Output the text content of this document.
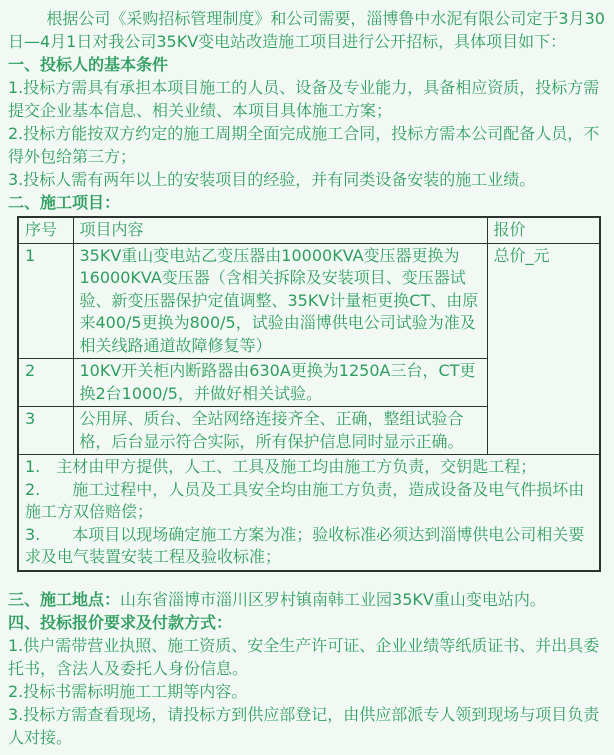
根据公司《采购招标管理制度》和公司需要，淄博鲁中水泥有限公司定于3月30日—4月1日对我公司35KV变电站改造施工项目进行公开招标，具体项目如下：

一、投标人的基本条件

1.投标方需具有承担本项目施工的人员、设备及专业能力，具备相应资质，投标方需提交企业基本信息、相关业绩、本项目具体施工方案；

2.投标方能按双方约定的施工周期全面完成施工合同，投标方需本公司配备人员，不得外包给第三方；

3.投标人需有两年以上的安装项目的经验，并有同类设备安装的施工业绩。

二、施工项目：

序号	项目内容	报价
1	35KV重山变电站乙变压器由10000KVA变压器更换为16000KVA变压器（含相关拆除及安装项目、变压器试验、新变压器保护定值调整、35KV计量柜更换CT、由原来400/5更换为800/5，试验由淄博供电公司试验为准及相关线路通道故障修复等）	总价_元
2	10KV开关柜内断路器由630A更换为1250A三台，CT更换2台1000/5，并做好相关试验。	
3	公用屏、质台、全站网络连接齐全、正确，整组试验合格，后台显示符合实际，所有保护信息同时显示正确。	

1.　主材由甲方提供，人工、工具及施工均由施工方负责，交钥匙工程；
2.　　施工过程中，人员及工具安全均由施工方负责，造成设备及电气件损坏由施工方双倍赔偿；
3.　　本项目以现场确定施工方案为准；验收标准必须达到淄博供电公司相关要求及电气装置安装工程及验收标准；		

三、施工地点：山东省淄博市淄川区罗村镇南韩工业园35KV重山变电站内。

四、投标报价要求及付款方式：

1.供户需带营业执照、施工资质、安全生产许可证、企业业绩等纸质证书、并出具委托书，含法人及委托人身份信息。

2.投标书需标明施工工期等内容。

3.投标方需查看现场，请投标方到供应部登记，由供应部派专人领到现场与项目负责人对接。
